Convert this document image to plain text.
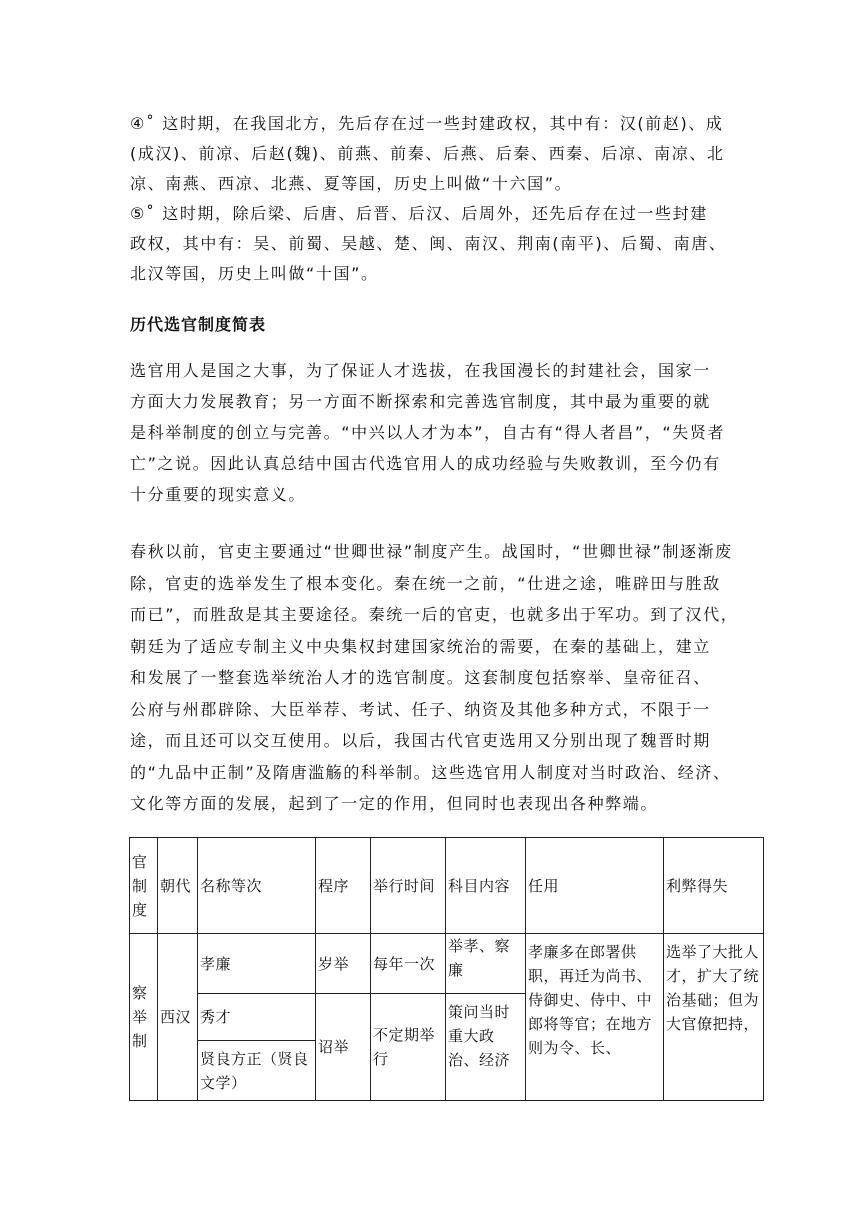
④˚ 这时期，在我国北方，先后存在过一些封建政权，其中有：汉(前赵)、成
(成汉)、前凉、后赵(魏)、前燕、前秦、后燕、后秦、西秦、后凉、南凉、北
凉、南燕、西凉、北燕、夏等国，历史上叫做“十六国”。
⑤˚ 这时期，除后梁、后唐、后晋、后汉、后周外，还先后存在过一些封建
政权，其中有：吴、前蜀、吴越、楚、闽、南汉、荆南(南平)、后蜀、南唐、
北汉等国，历史上叫做“十国”。
历代选官制度简表
选官用人是国之大事，为了保证人才选拔，在我国漫长的封建社会，国家一
方面大力发展教育；另一方面不断探索和完善选官制度，其中最为重要的就
是科举制度的创立与完善。“中兴以人才为本”，自古有“得人者昌”，“失贤者
亡”之说。因此认真总结中国古代选官用人的成功经验与失败教训，至今仍有
十分重要的现实意义。
春秋以前，官吏主要通过“世卿世禄”制度产生。战国时，“世卿世禄”制逐渐废
除，官吏的选举发生了根本变化。秦在统一之前，“仕进之途，唯辟田与胜敌
而已”，而胜敌是其主要途径。秦统一后的官吏，也就多出于军功。到了汉代，
朝廷为了适应专制主义中央集权封建国家统治的需要，在秦的基础上，建立
和发展了一整套选举统治人才的选官制度。这套制度包括察举、皇帝征召、
公府与州郡辟除、大臣举荐、考试、任子、纳资及其他多种方式，不限于一
途，而且还可以交互使用。以后，我国古代官吏选用又分别出现了魏晋时期
的“九品中正制”及隋唐滥觞的科举制。这些选官用人制度对当时政治、经济、
文化等方面的发展，起到了一定的作用，但同时也表现出各种弊端。
官制度	朝代	名称等次	程序	举行时间	科目内容	任用	利弊得失

察举制	西汉	孝廉	岁举	每年一次	举孝、察廉	孝廉多在郎署供职，再迁为尚书、侍御史、侍中、中郎将等官；在地方则为令、长、	选举了大批人才，扩大了统治基础；但为大官僚把持，

		秀才	诏举	不定期举行	策问当时重大政治、经济		

		贤良方正（贤良文学）					
